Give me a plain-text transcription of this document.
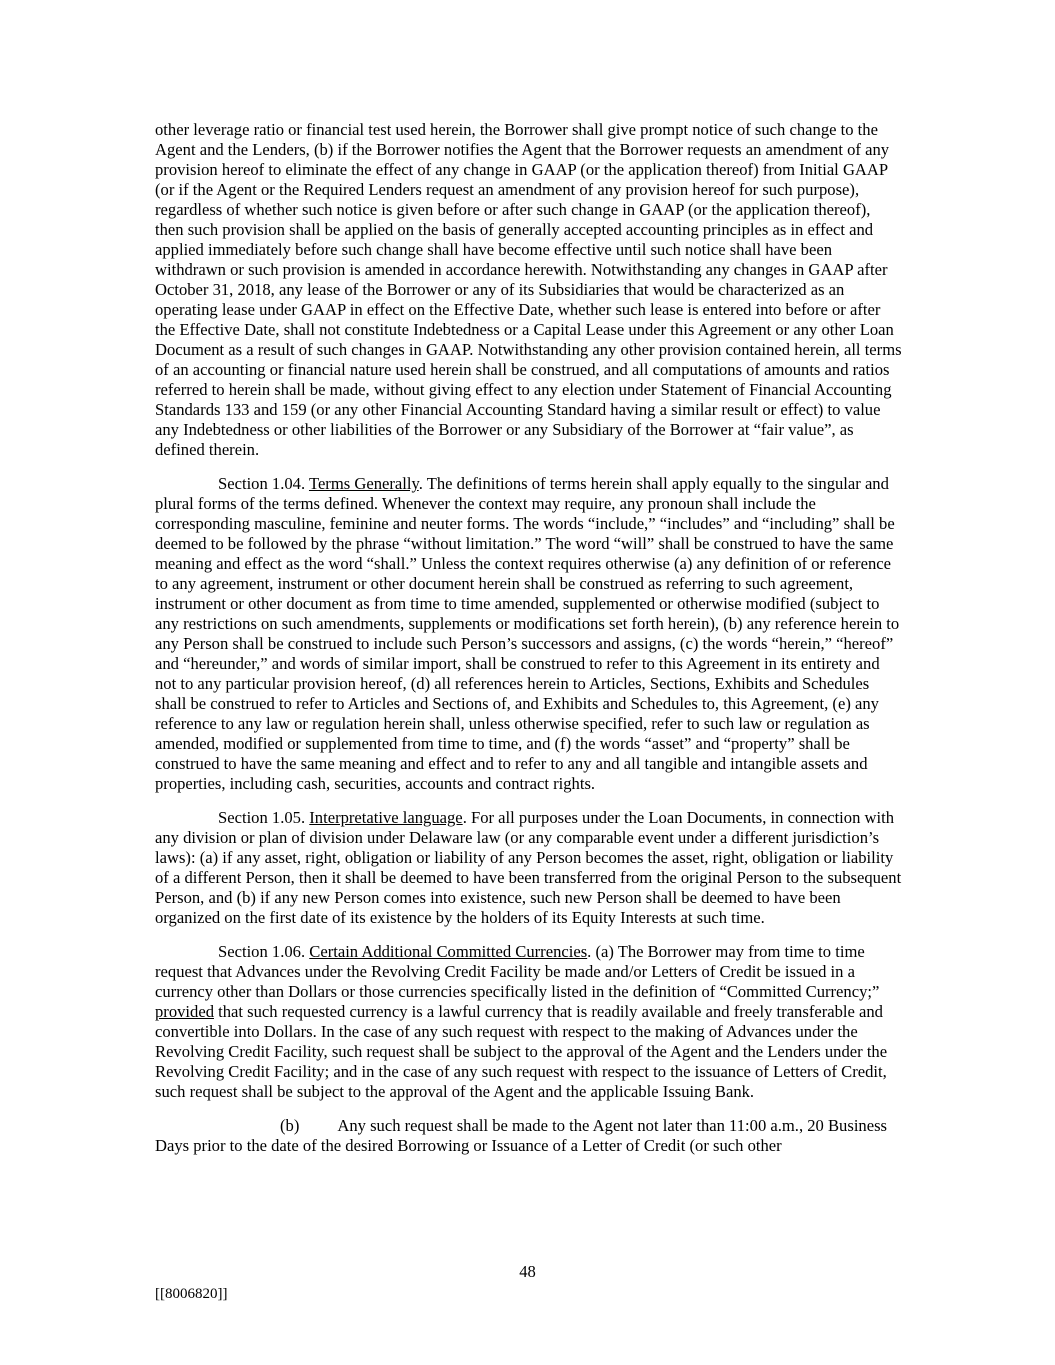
other leverage ratio or financial test used herein, the Borrower shall give prompt notice of such change to the Agent and the Lenders, (b) if the Borrower notifies the Agent that the Borrower requests an amendment of any provision hereof to eliminate the effect of any change in GAAP (or the application thereof) from Initial GAAP (or if the Agent or the Required Lenders request an amendment of any provision hereof for such purpose), regardless of whether such notice is given before or after such change in GAAP (or the application thereof), then such provision shall be applied on the basis of generally accepted accounting principles as in effect and applied immediately before such change shall have become effective until such notice shall have been withdrawn or such provision is amended in accordance herewith. Notwithstanding any changes in GAAP after October 31, 2018, any lease of the Borrower or any of its Subsidiaries that would be characterized as an operating lease under GAAP in effect on the Effective Date, whether such lease is entered into before or after the Effective Date, shall not constitute Indebtedness or a Capital Lease under this Agreement or any other Loan Document as a result of such changes in GAAP. Notwithstanding any other provision contained herein, all terms of an accounting or financial nature used herein shall be construed, and all computations of amounts and ratios referred to herein shall be made, without giving effect to any election under Statement of Financial Accounting Standards 133 and 159 (or any other Financial Accounting Standard having a similar result or effect) to value any Indebtedness or other liabilities of the Borrower or any Subsidiary of the Borrower at “fair value”, as defined therein.

Section 1.04. Terms Generally. The definitions of terms herein shall apply equally to the singular and plural forms of the terms defined. Whenever the context may require, any pronoun shall include the corresponding masculine, feminine and neuter forms. The words “include,” “includes” and “including” shall be deemed to be followed by the phrase “without limitation.” The word “will” shall be construed to have the same meaning and effect as the word “shall.” Unless the context requires otherwise (a) any definition of or reference to any agreement, instrument or other document herein shall be construed as referring to such agreement, instrument or other document as from time to time amended, supplemented or otherwise modified (subject to any restrictions on such amendments, supplements or modifications set forth herein), (b) any reference herein to any Person shall be construed to include such Person’s successors and assigns, (c) the words “herein,” “hereof” and “hereunder,” and words of similar import, shall be construed to refer to this Agreement in its entirety and not to any particular provision hereof, (d) all references herein to Articles, Sections, Exhibits and Schedules shall be construed to refer to Articles and Sections of, and Exhibits and Schedules to, this Agreement, (e) any reference to any law or regulation herein shall, unless otherwise specified, refer to such law or regulation as amended, modified or supplemented from time to time, and (f) the words “asset” and “property” shall be construed to have the same meaning and effect and to refer to any and all tangible and intangible assets and properties, including cash, securities, accounts and contract rights.

Section 1.05. Interpretative language. For all purposes under the Loan Documents, in connection with any division or plan of division under Delaware law (or any comparable event under a different jurisdiction’s laws): (a) if any asset, right, obligation or liability of any Person becomes the asset, right, obligation or liability of a different Person, then it shall be deemed to have been transferred from the original Person to the subsequent Person, and (b) if any new Person comes into existence, such new Person shall be deemed to have been organized on the first date of its existence by the holders of its Equity Interests at such time.

Section 1.06. Certain Additional Committed Currencies. (a) The Borrower may from time to time request that Advances under the Revolving Credit Facility be made and/or Letters of Credit be issued in a currency other than Dollars or those currencies specifically listed in the definition of “Committed Currency;” provided that such requested currency is a lawful currency that is readily available and freely transferable and convertible into Dollars. In the case of any such request with respect to the making of Advances under the Revolving Credit Facility, such request shall be subject to the approval of the Agent and the Lenders under the Revolving Credit Facility; and in the case of any such request with respect to the issuance of Letters of Credit, such request shall be subject to the approval of the Agent and the applicable Issuing Bank.

(b) Any such request shall be made to the Agent not later than 11:00 a.m., 20 Business Days prior to the date of the desired Borrowing or Issuance of a Letter of Credit (or such other

48
[[8006820]]
